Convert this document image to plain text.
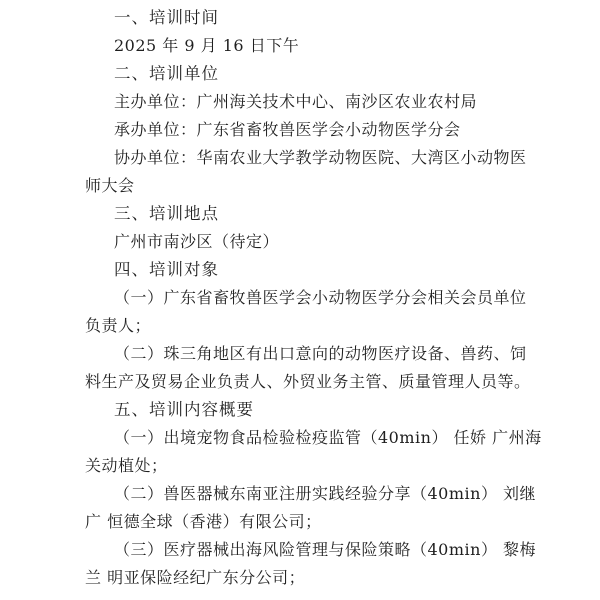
一、培训时间
2025 年 9 月 16 日下午
二、培训单位
主办单位：广州海关技术中心、南沙区农业农村局
承办单位：广东省畜牧兽医学会小动物医学分会
协办单位：华南农业大学教学动物医院、大湾区小动物医
师大会
三、培训地点
广州市南沙区（待定）
四、培训对象
（一）广东省畜牧兽医学会小动物医学分会相关会员单位
负责人；
（二）珠三角地区有出口意向的动物医疗设备、兽药、饲
料生产及贸易企业负责人、外贸业务主管、质量管理人员等。
五、培训内容概要
（一）出境宠物食品检验检疫监管（40min） 任娇 广州海
关动植处；
（二）兽医器械东南亚注册实践经验分享（40min） 刘继
广 恒德全球（香港）有限公司；
（三）医疗器械出海风险管理与保险策略（40min） 黎梅
兰 明亚保险经纪广东分公司；
